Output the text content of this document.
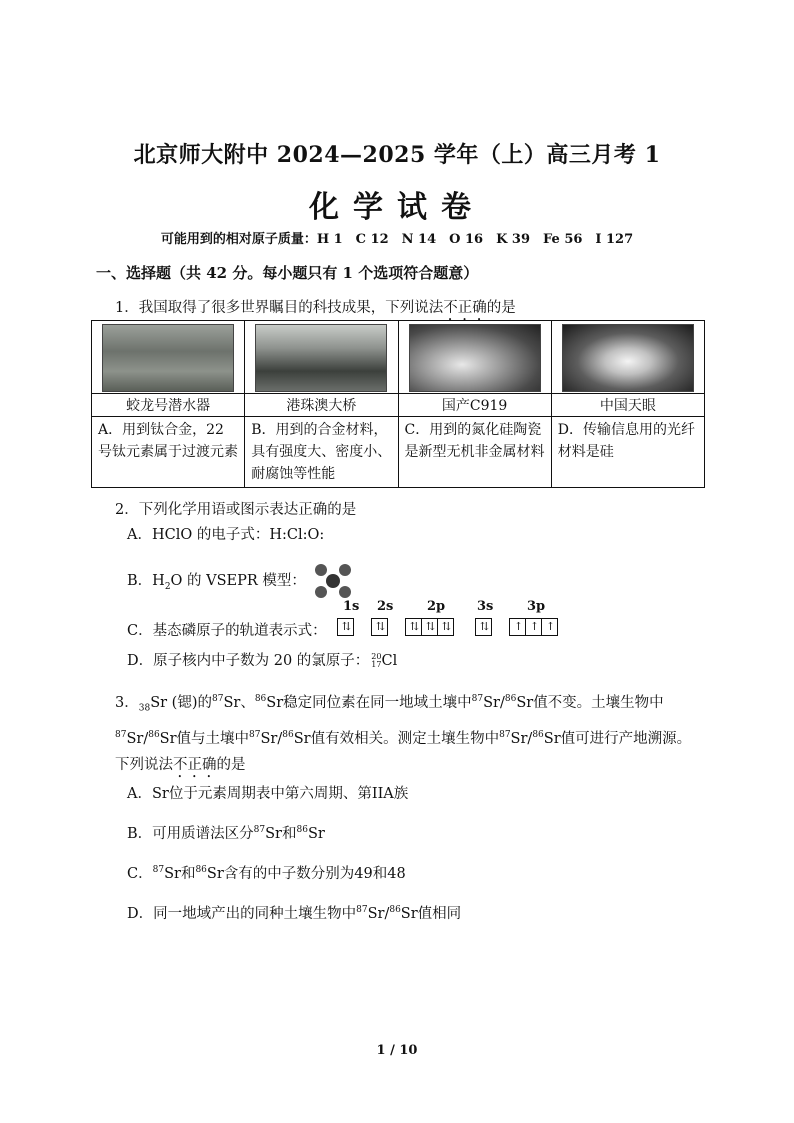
北京师大附中 2024—2025 学年（上）高三月考 1
化学试卷
可能用到的相对原子质量：H 1　C 12　N 14　O 16　K 39　Fe 56　I 127
一、选择题（共 42 分。每小题只有 1 个选项符合题意）
1．我国取得了很多世界瞩目的科技成果，下列说法不正确的是

蛟龙号潜水器	港珠澳大桥	国产C919	中国天眼
A．用到钛合金，22 号钛元素属于过渡元素	B．用到的合金材料，具有强度大、密度小、耐腐蚀等性能	C．用到的氮化硅陶瓷是新型无机非金属材料	D．传输信息用的光纤材料是硅
2．下列化学用语或图示表达正确的是
A．HClO 的电子式：H:Cl:O:
B．$H_2O$ 的 VSEPR 模型：
1s 2s	2p 3s	3p
C．基态磷原子的轨道表示式：	⇅	⇅	⇅ ⇅ ⇅	⇅	↑ ↑ ↑
D．原子核内中子数为 20 的氯原子： 20
17 Cl
3．$_{38}$Sr (锶)的$^{87}$Sr、$^{86}$Sr稳定同位素在同一地域土壤中$^{87}$Sr/$^{86}$Sr值不变。土壤生物中
$^{87}$Sr/$^{86}$Sr值与土壤中$^{87}$Sr/$^{86}$Sr值有效相关。测定土壤生物中$^{87}$Sr/$^{86}$Sr值可进行产地溯源。
下列说法不正确的是
A．Sr位于元素周期表中第六周期、第IIA族
B．可用质谱法区分$^{87}$Sr和$^{86}$Sr
C．$^{87}$Sr和$^{86}$Sr含有的中子数分别为49和48
D．同一地域产出的同种土壤生物中$^{87}$Sr/$^{86}$Sr值相同
1 / 10
